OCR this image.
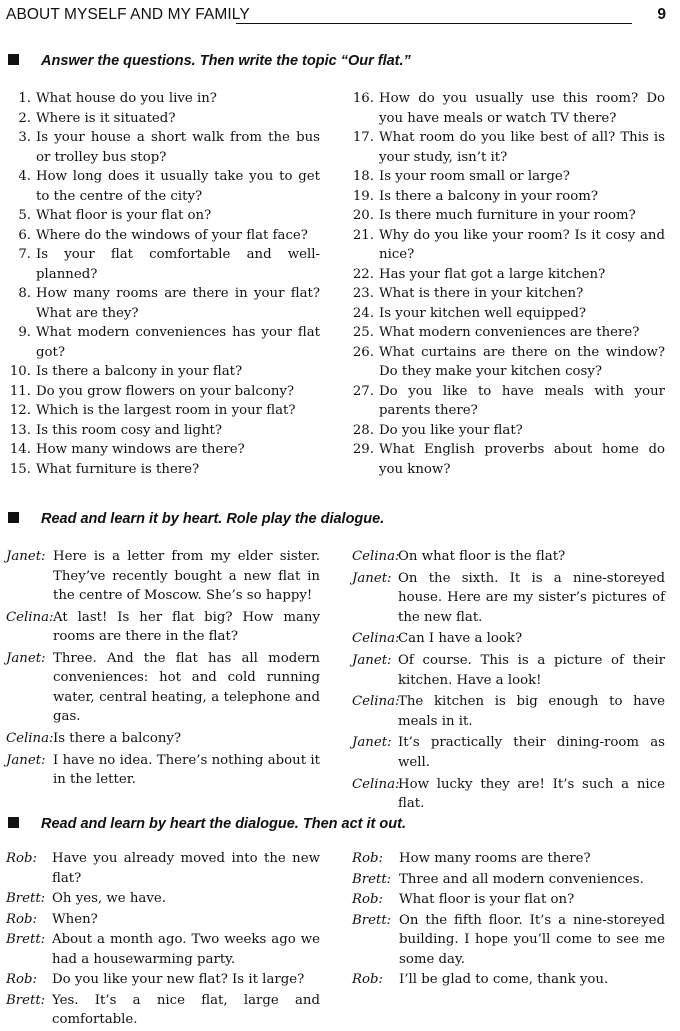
ABOUT MYSELF AND MY FAMILY	9
Answer the questions. Then write the topic “Our flat.”
1. What house do you live in?
2. Where is it situated?
3. Is your house a short walk from the bus or trolley bus stop?
4. How long does it usually take you to get to the centre of the city?
5. What floor is your flat on?
6. Where do the windows of your flat face?
7. Is your flat comfortable and well-planned?
8. How many rooms are there in your flat? What are they?
9. What modern conveniences has your flat got?
10. Is there a balcony in your flat?
11. Do you grow flowers on your balcony?
12. Which is the largest room in your flat?
13. Is this room cosy and light?
14. How many windows are there?
15. What furniture is there?
16. How do you usually use this room? Do you have meals or watch TV there?
17. What room do you like best of all? This is your study, isn’t it?
18. Is your room small or large?
19. Is there a balcony in your room?
20. Is there much furniture in your room?
21. Why do you like your room? Is it cosy and nice?
22. Has your flat got a large kitchen?
23. What is there in your kitchen?
24. Is your kitchen well equipped?
25. What modern conveniences are there?
26. What curtains are there on the window? Do they make your kitchen cosy?
27. Do you like to have meals with your parents there?
28. Do you like your flat?
29. What English proverbs about home do you know?
Read and learn it by heart. Role play the dialogue.
Janet: Here is a letter from my elder sister. They’ve recently bought a new flat in the centre of Moscow. She’s so happy!
Celina: At last! Is her flat big? How many rooms are there in the flat?
Janet: Three. And the flat has all modern conveniences: hot and cold running water, central heating, a telephone and gas.
Celina: Is there a balcony?
Janet: I have no idea. There’s nothing about it in the letter.
Celina:
On what floor is the flat?
Janet: On the sixth. It is a nine-storeyed house. Here are my sister’s pictures of the new flat.
Celina:
Can I have a look?
Janet: Of course. This is a picture of their kitchen. Have a look!
Celina:
The kitchen is big enough to have meals in it.
Janet: It’s practically their dining-room as well.
Celina:
How lucky they are! It’s such a nice flat.
Read and learn by heart the dialogue. Then act it out.
Rob:	Have you already moved into the new flat?
Brett: Oh yes, we have.
Rob:	When?
Brett: About a month ago. Two weeks ago we had a housewarming party.
Rob:	Do you like your new flat? Is it large?
Brett: Yes. It’s a nice flat, large and comfortable.
Rob:	How many rooms are there?
Brett: Three and all modern conveniences.
Rob:	What floor is your flat on?
Brett: On the fifth floor. It’s a nine-storeyed building. I hope you’ll come to see me some day.
Rob:	I’ll be glad to come, thank you.
